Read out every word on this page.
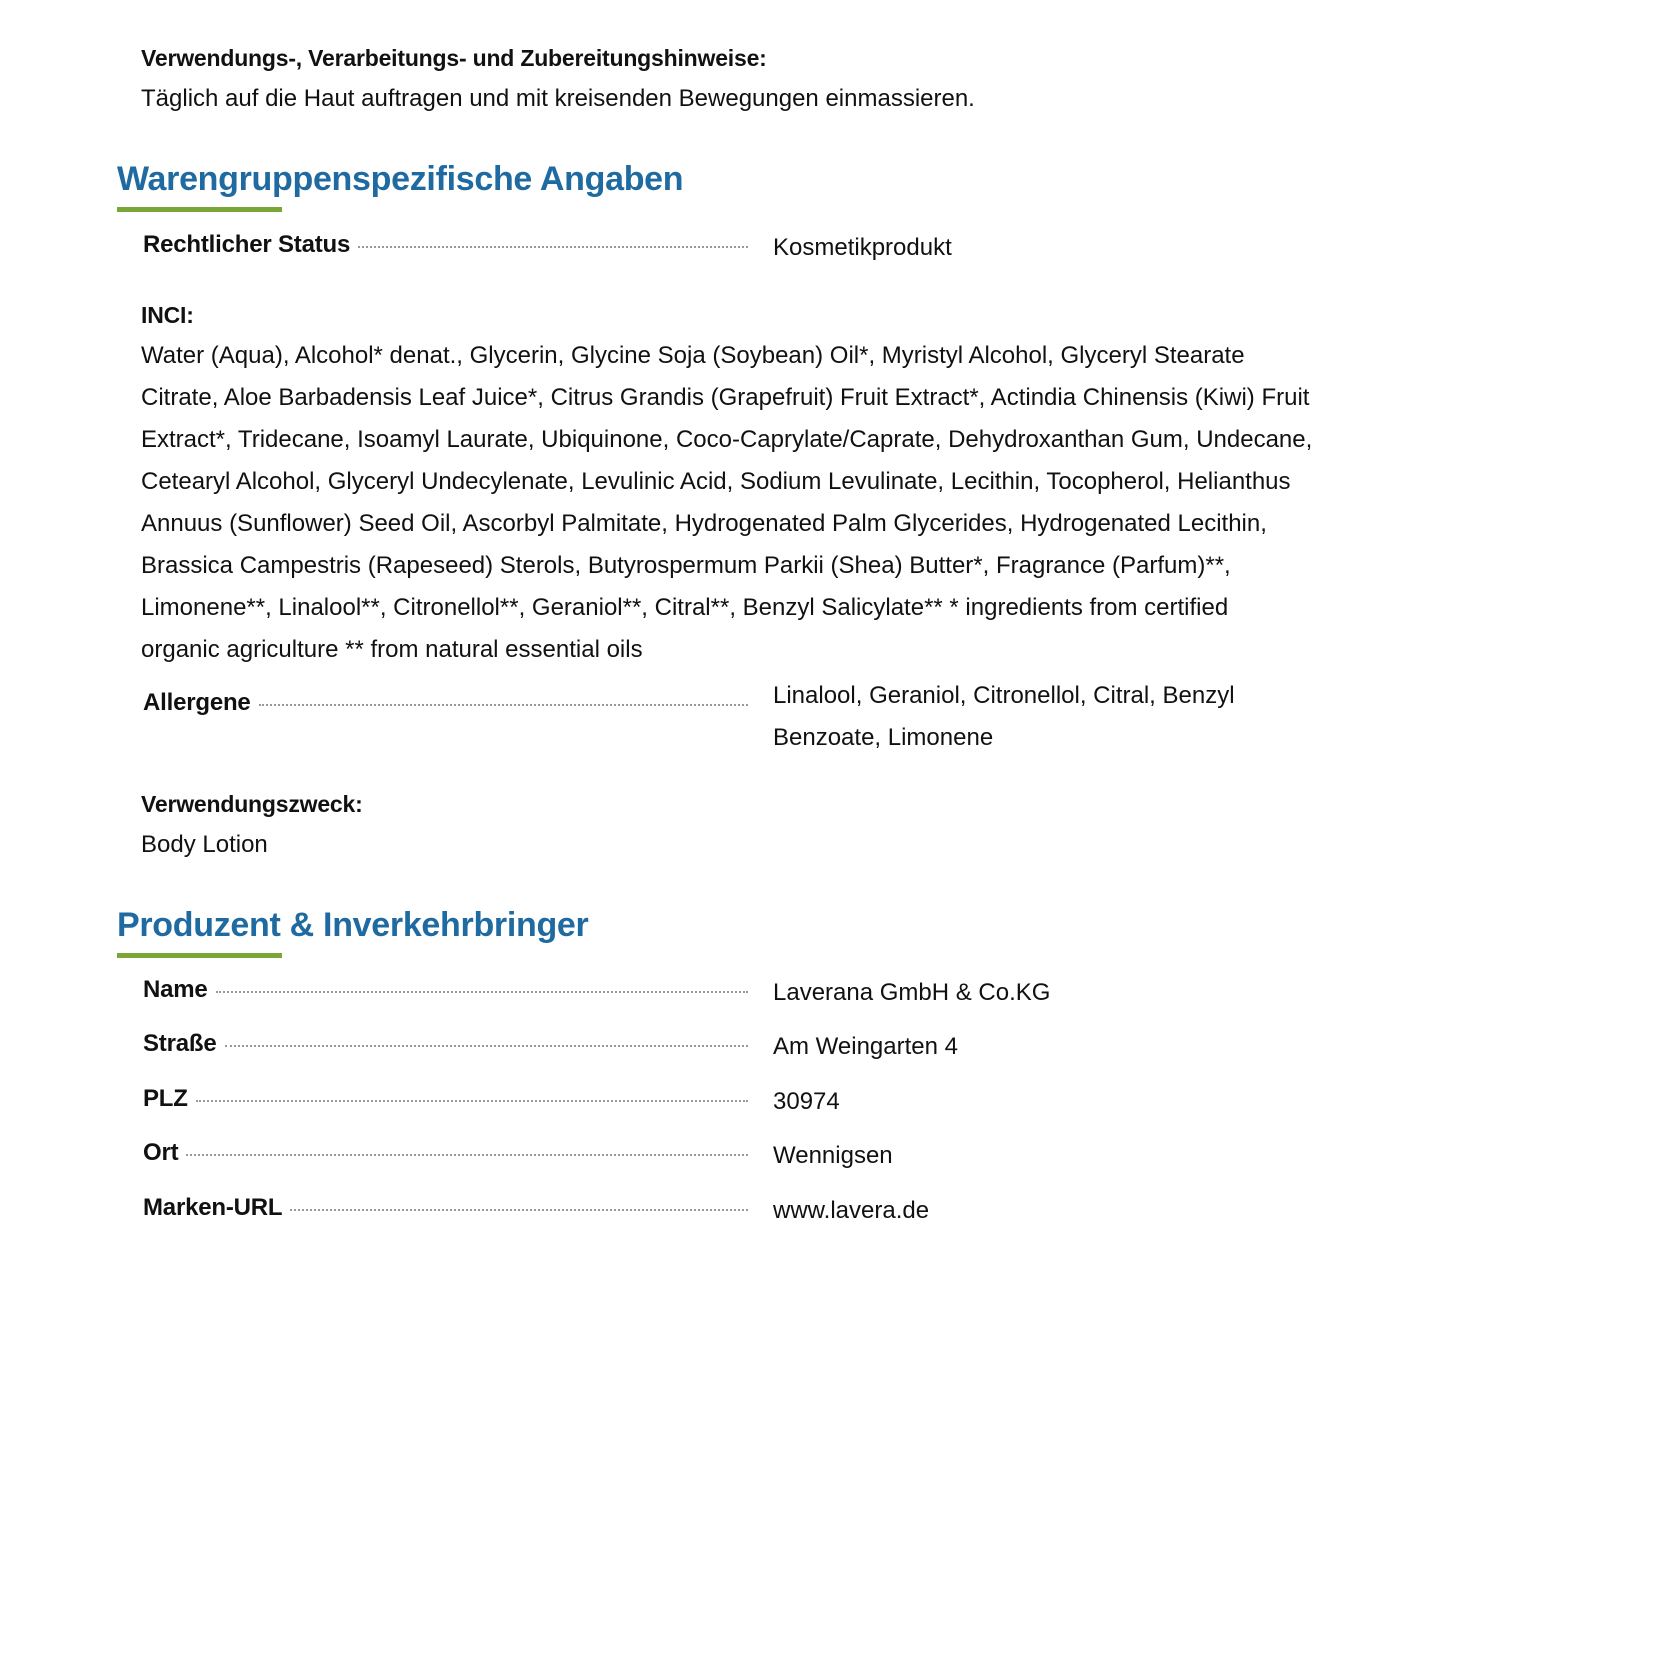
Verwendungs-, Verarbeitungs- und Zubereitungshinweise:
Täglich auf die Haut auftragen und mit kreisenden Bewegungen einmassieren.
Warengruppenspezifische Angaben
Rechtlicher Status	Kosmetikprodukt
INCI:
Water (Aqua), Alcohol* denat., Glycerin, Glycine Soja (Soybean) Oil*, Myristyl Alcohol, Glyceryl Stearate
Citrate, Aloe Barbadensis Leaf Juice*, Citrus Grandis (Grapefruit) Fruit Extract*, Actindia Chinensis (Kiwi) Fruit
Extract*, Tridecane, Isoamyl Laurate, Ubiquinone, Coco-Caprylate/Caprate, Dehydroxanthan Gum, Undecane,
Cetearyl Alcohol, Glyceryl Undecylenate, Levulinic Acid, Sodium Levulinate, Lecithin, Tocopherol, Helianthus
Annuus (Sunflower) Seed Oil, Ascorbyl Palmitate, Hydrogenated Palm Glycerides, Hydrogenated Lecithin,
Brassica Campestris (Rapeseed) Sterols, Butyrospermum Parkii (Shea) Butter*, Fragrance (Parfum)**,
Limonene**, Linalool**, Citronellol**, Geraniol**, Citral**, Benzyl Salicylate** * ingredients from certified
organic agriculture ** from natural essential oils
Allergene	Linalool, Geraniol, Citronellol, Citral, Benzyl
Benzoate, Limonene
Verwendungszweck:
Body Lotion
Produzent & Inverkehrbringer
Name	Laverana GmbH & Co.KG
Straße	Am Weingarten 4
PLZ	30974
Ort	Wennigsen
Marken-URL	www.lavera.de
